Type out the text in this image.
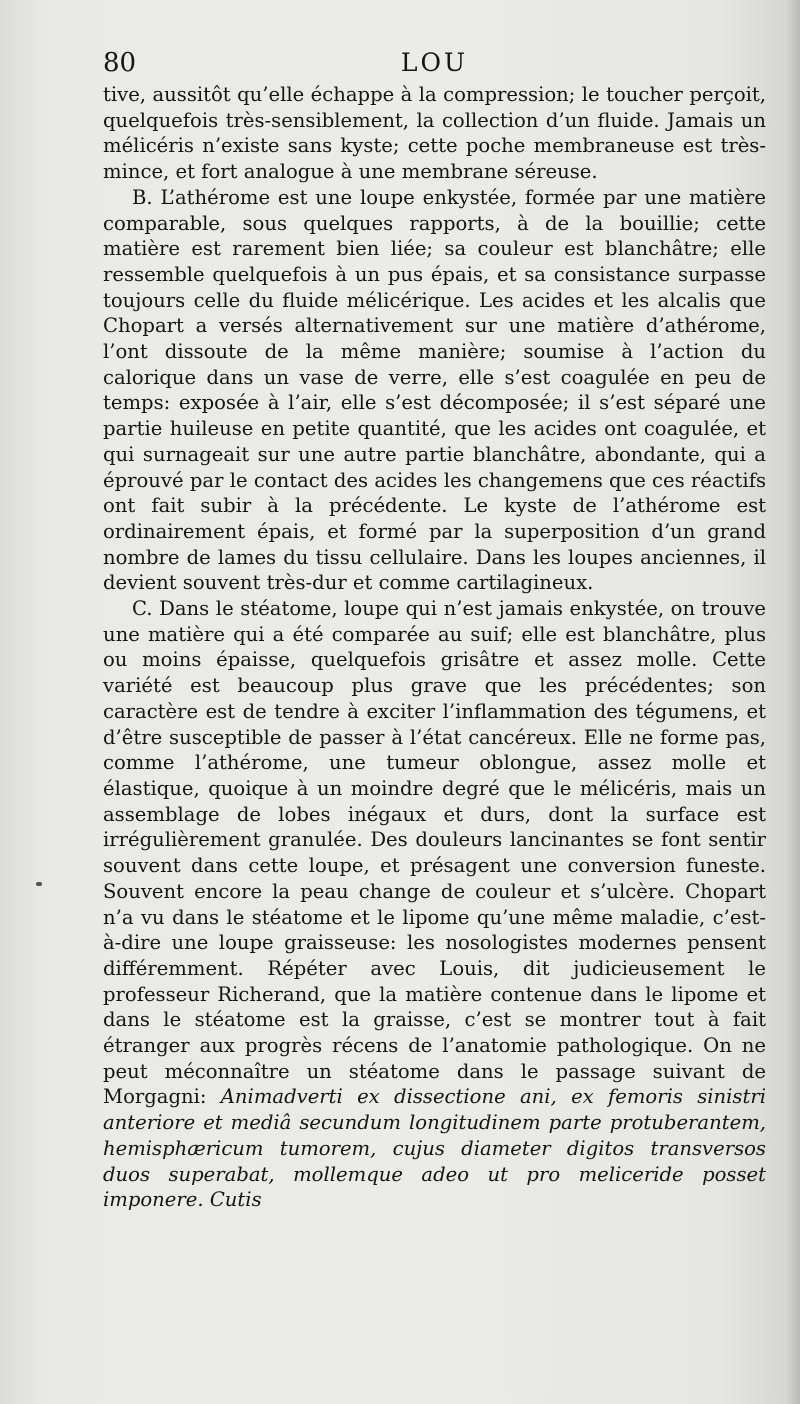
80	LOU

tive, aussitôt qu’elle échappe à la compression; le toucher perçoit, quelquefois très-sensiblement, la collection d’un fluide. Jamais un mélicéris n’existe sans kyste; cette poche membraneuse est très-mince, et fort analogue à une membrane séreuse.

B. L’athérome est une loupe enkystée, formée par une matière comparable, sous quelques rapports, à de la bouillie; cette matière est rarement bien liée; sa couleur est blanchâtre; elle ressemble quelquefois à un pus épais, et sa consistance surpasse toujours celle du fluide mélicérique. Les acides et les alcalis que Chopart a versés alternativement sur une matière d’athérome, l’ont dissoute de la même manière; soumise à l’action du calorique dans un vase de verre, elle s’est coagulée en peu de temps: exposée à l’air, elle s’est décomposée; il s’est séparé une partie huileuse en petite quantité, que les acides ont coagulée, et qui surnageait sur une autre partie blanchâtre, abondante, qui a éprouvé par le contact des acides les changemens que ces réactifs ont fait subir à la précédente. Le kyste de l’athérome est ordinairement épais, et formé par la superposition d’un grand nombre de lames du tissu cellulaire. Dans les loupes anciennes, il devient souvent très-dur et comme cartilagineux.

C. Dans le stéatome, loupe qui n’est jamais enkystée, on trouve une matière qui a été comparée au suif; elle est blanchâtre, plus ou moins épaisse, quelquefois grisâtre et assez molle. Cette variété est beaucoup plus grave que les précédentes; son caractère est de tendre à exciter l’inflammation des tégumens, et d’être susceptible de passer à l’état cancéreux. Elle ne forme pas, comme l’athérome, une tumeur oblongue, assez molle et élastique, quoique à un moindre degré que le mélicéris, mais un assemblage de lobes inégaux et durs, dont la surface est irrégulièrement granulée. Des douleurs lancinantes se font sentir souvent dans cette loupe, et présagent une conversion funeste. Souvent encore la peau change de couleur et s’ulcère. Chopart n’a vu dans le stéatome et le lipome qu’une même maladie, c’est-à-dire une loupe graisseuse: les nosologistes modernes pensent différemment. Répéter avec Louis, dit judicieusement le professeur Richerand, que la matière contenue dans le lipome et dans le stéatome est la graisse, c’est se montrer tout à fait étranger aux progrès récens de l’anatomie pathologique. On ne peut méconnaître un stéatome dans le passage suivant de Morgagni: Animadverti ex dissectione ani, ex femoris sinistri anteriore et mediâ secundum longitudinem parte protuberantem, hemisphæricum tumorem, cujus diameter digitos transversos duos superabat, mollemque adeo ut pro meliceride posset imponere. Cutis
